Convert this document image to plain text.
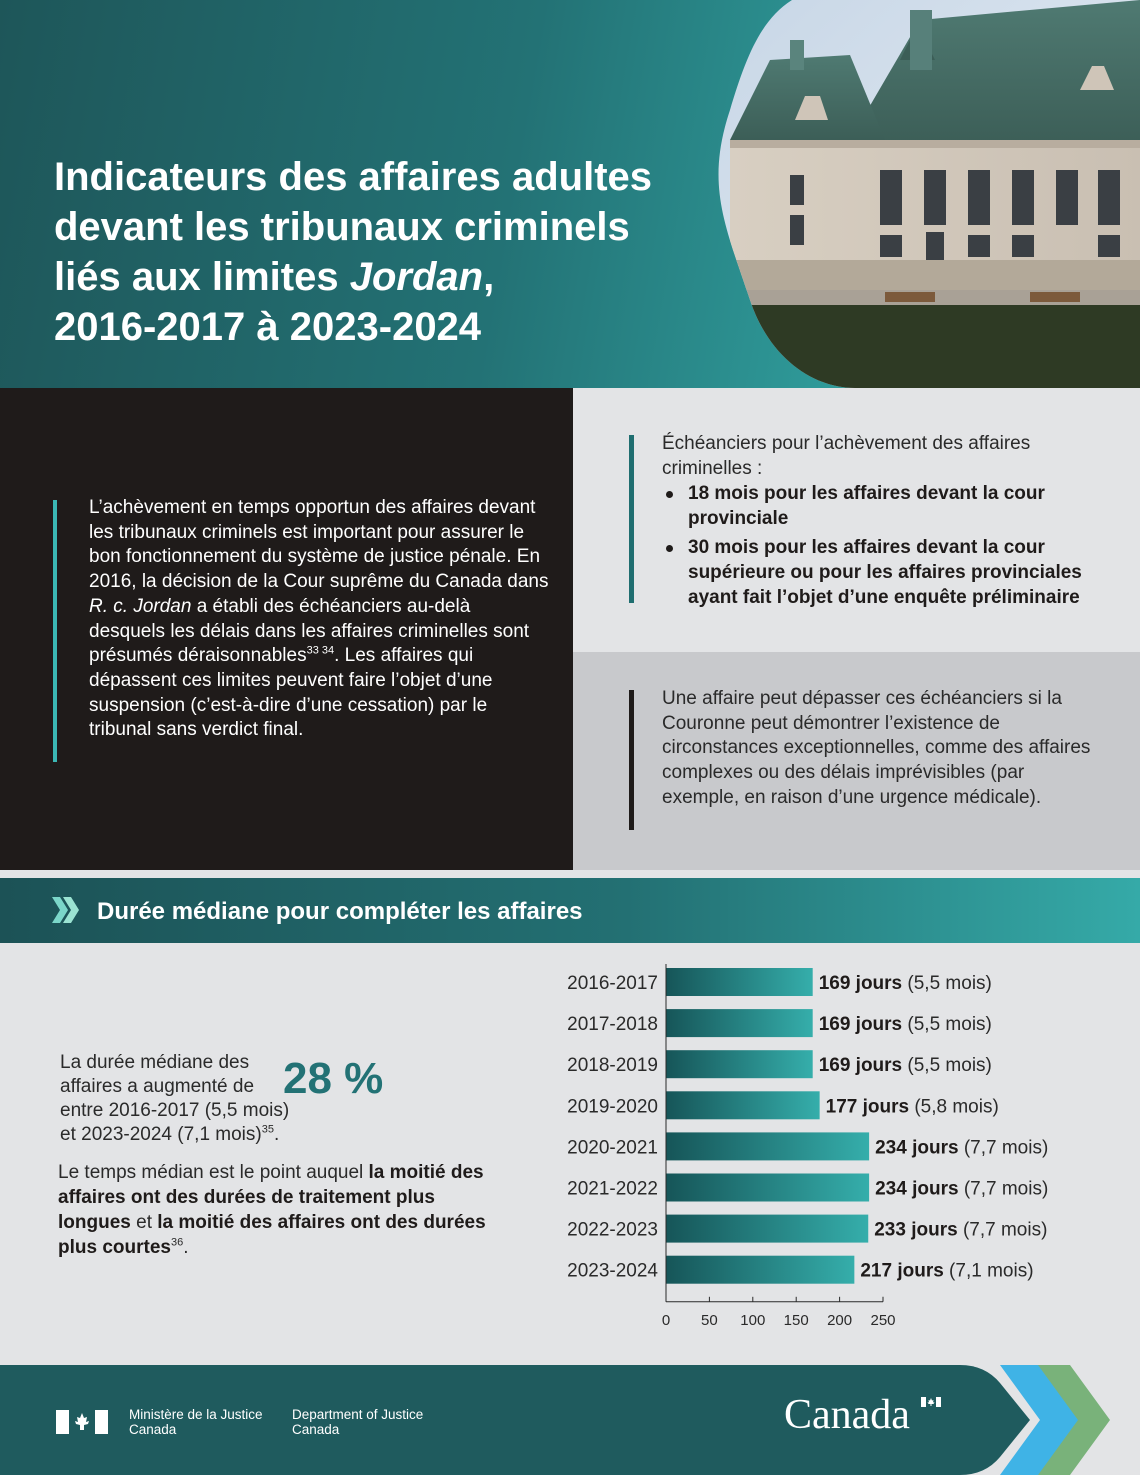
Indicateurs des affaires adultes
devant les tribunaux criminels
liés aux limites Jordan,
2016-2017 à 2023-2024

L’achèvement en temps opportun des affaires devant les tribunaux criminels est important pour assurer le bon fonctionnement du système de justice pénale. En 2016, la décision de la Cour suprême du Canada dans R. c. Jordan a établi des échéanciers au-delà desquels les délais dans les affaires criminelles sont présumés déraisonnables$^{33 34}$. Les affaires qui dépassent ces limites peuvent faire l’objet d’une suspension (c’est-à-dire d’une cessation) par le tribunal sans verdict final.

Échéanciers pour l’achèvement des affaires criminelles :

18 mois pour les affaires devant la cour provinciale
30 mois pour les affaires devant la cour supérieure ou pour les affaires provinciales ayant fait l’objet d’une enquête préliminaire

Une affaire peut dépasser ces échéanciers si la Couronne peut démontrer l’existence de circonstances exceptionnelles, comme des affaires complexes ou des délais imprévisibles (par exemple, en raison d’une urgence médicale).

Durée médiane pour compléter les affaires
La durée médiane des affaires a augmenté de
entre 2016-2017 (5,5 mois) et 2023-2024 (7,1 mois)$^{35}$.
28 %
Le temps médian est le point auquel la moitié des affaires ont des durées de traitement plus longues et la moitié des affaires ont des durées plus courtes$^{36}$.
2016-2017	169 jours (5,5 mois)
2017-2018	169 jours (5,5 mois)
2018-2019	169 jours (5,5 mois)
2019-2020	177 jours (5,8 mois)
2020-2021	234 jours (7,7 mois)
2021-2022	234 jours (7,7 mois)
2022-2023	233 jours (7,7 mois)
2023-2024	217 jours (7,1 mois)
0 50 100 150 200 250
Ministère de la Justice
Canada
Department of Justice
Canada	Canada
